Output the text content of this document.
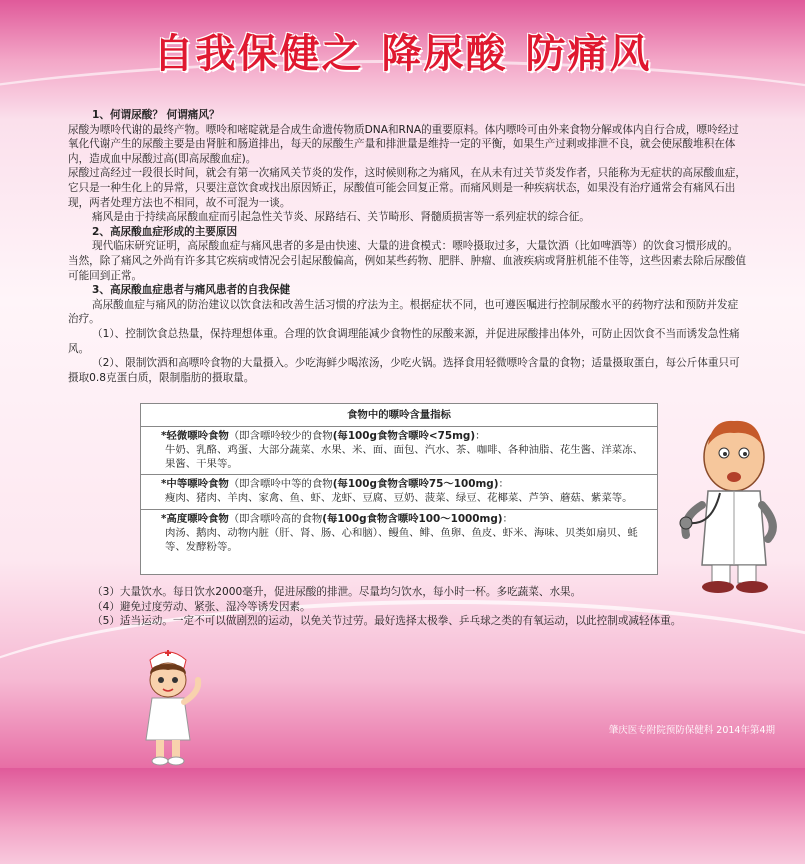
自我保健之 降尿酸 防痛风

1、何谓尿酸？ 何谓痛风？

尿酸为嘌呤代谢的最终产物。嘌呤和嘧啶就是合成生命遗传物质DNA和RNA的重要原料。体内嘌呤可由外来食物分解或体内自行合成，嘌呤经过氧化代谢产生的尿酸主要是由肾脏和肠道排出，每天的尿酸生产量和排泄量是维持一定的平衡，如果生产过剩或排泄不良，就会使尿酸堆积在体内，造成血中尿酸过高(即高尿酸血症)。

尿酸过高经过一段很长时间，就会有第一次痛风关节炎的发作，这时候则称之为痛风，在从未有过关节炎发作者，只能称为无症状的高尿酸血症，它只是一种生化上的异常，只要注意饮食或找出原因矫正，尿酸值可能会回复正常。而痛风则是一种疾病状态，如果没有治疗通常会有痛风石出现，两者处理方法也不相同，故不可混为一谈。

痛风是由于持续高尿酸血症而引起急性关节炎、尿路结石、关节畸形、肾髓质损害等一系列症状的综合征。

2、高尿酸血症形成的主要原因

现代临床研究证明，高尿酸血症与痛风患者的多是由快速、大量的进食模式：嘌呤摄取过多，大量饮酒（比如啤酒等）的饮食习惯形成的。

当然，除了痛风之外尚有许多其它疾病或情况会引起尿酸偏高，例如某些药物、肥胖、肿瘤、血液疾病或肾脏机能不佳等，这些因素去除后尿酸值可能回到正常。

3、高尿酸血症患者与痛风患者的自我保健

高尿酸血症与痛风的防治建议以饮食法和改善生活习惯的疗法为主。根据症状不同，也可遵医嘱进行控制尿酸水平的药物疗法和预防并发症治疗。

（1）、控制饮食总热量，保持理想体重。合理的饮食调理能减少食物性的尿酸来源，并促进尿酸排出体外，可防止因饮食不当而诱发急性痛风。

（2）、限制饮酒和高嘌呤食物的大量摄入。少吃海鲜少喝浓汤，少吃火锅。选择食用轻微嘌呤含量的食物；适量摄取蛋白，每公斤体重只可摄取0.8克蛋白质，限制脂肪的摄取量。

食物中的嘌呤含量指标
*轻微嘌呤食物（即含嘌呤较少的食物(每100g食物含嘌呤<75mg)：
牛奶、乳酪、鸡蛋、大部分蔬菜、水果、米、面、面包、汽水、茶、咖啡、各种油脂、花生酱、洋菜冻、果酱、干果等。
*中等嘌呤食物（即含嘌呤中等的食物(每100g食物含嘌呤75～100mg)：
瘦肉、猪肉、羊肉、家禽、鱼、虾、龙虾、豆腐、豆奶、菠菜、绿豆、花椰菜、芦笋、蘑菇、紫菜等。
*高度嘌呤食物（即含嘌呤高的食物(每100g食物含嘌呤100～1000mg)：
肉汤、鹅肉、动物内脏（肝、肾、肠、心和脑）、鳗鱼、鲱、鱼卵、鱼皮、虾米、海味、贝类如扇贝、蚝等、发酵粉等。

（3）大量饮水。每日饮水2000毫升，促进尿酸的排泄。尽量均匀饮水，每小时一杯。多吃蔬菜、水果。

（4）避免过度劳动、紧张、湿冷等诱发因素。

（5）适当运动。一定不可以做剧烈的运动，以免关节过劳。最好选择太极拳、乒乓球之类的有氧运动，以此控制或减轻体重。

肇庆医专附院预防保健科 2014年第4期
